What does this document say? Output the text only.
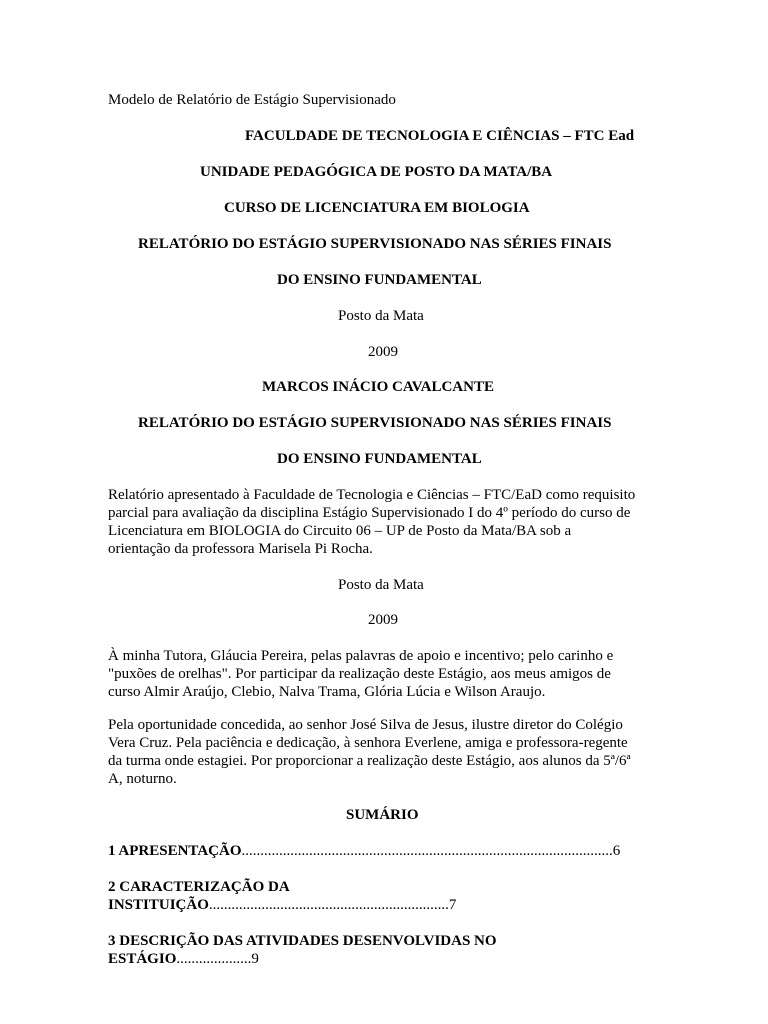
Modelo de Relatório de Estágio Supervisionado
FACULDADE DE TECNOLOGIA E CIÊNCIAS – FTC Ead
UNIDADE PEDAGÓGICA DE POSTO DA MATA/BA
CURSO DE LICENCIATURA EM BIOLOGIA
RELATÓRIO DO ESTÁGIO SUPERVISIONADO NAS SÉRIES FINAIS
DO ENSINO FUNDAMENTAL
Posto da Mata
2009
MARCOS INÁCIO CAVALCANTE
RELATÓRIO DO ESTÁGIO SUPERVISIONADO NAS SÉRIES FINAIS
DO ENSINO FUNDAMENTAL
Relatório apresentado à Faculdade de Tecnologia e Ciências – FTC/EaD como requisito
parcial para avaliação da disciplina Estágio Supervisionado I do 4º período do curso de
Licenciatura em BIOLOGIA do Circuito 06 – UP de Posto da Mata/BA sob a
orientação da professora Marisela Pi Rocha.
Posto da Mata
2009
À minha Tutora, Gláucia Pereira, pelas palavras de apoio e incentivo; pelo carinho e
"puxões de orelhas". Por participar da realização deste Estágio, aos meus amigos de
curso Almir Araújo, Clebio, Nalva Trama, Glória Lúcia e Wilson Araujo.
Pela oportunidade concedida, ao senhor José Silva de Jesus, ilustre diretor do Colégio
Vera Cruz. Pela paciência e dedicação, à senhora Everlene, amiga e professora-regente
da turma onde estagiei. Por proporcionar a realização deste Estágio, aos alunos da 5ª/6ª
A, noturno.
SUMÁRIO
1 APRESENTAÇÃO...................................................................................................6
2 CARACTERIZAÇÃO DA
INSTITUIÇÃO................................................................7
3 DESCRIÇÃO DAS ATIVIDADES DESENVOLVIDAS NO
ESTÁGIO....................9
